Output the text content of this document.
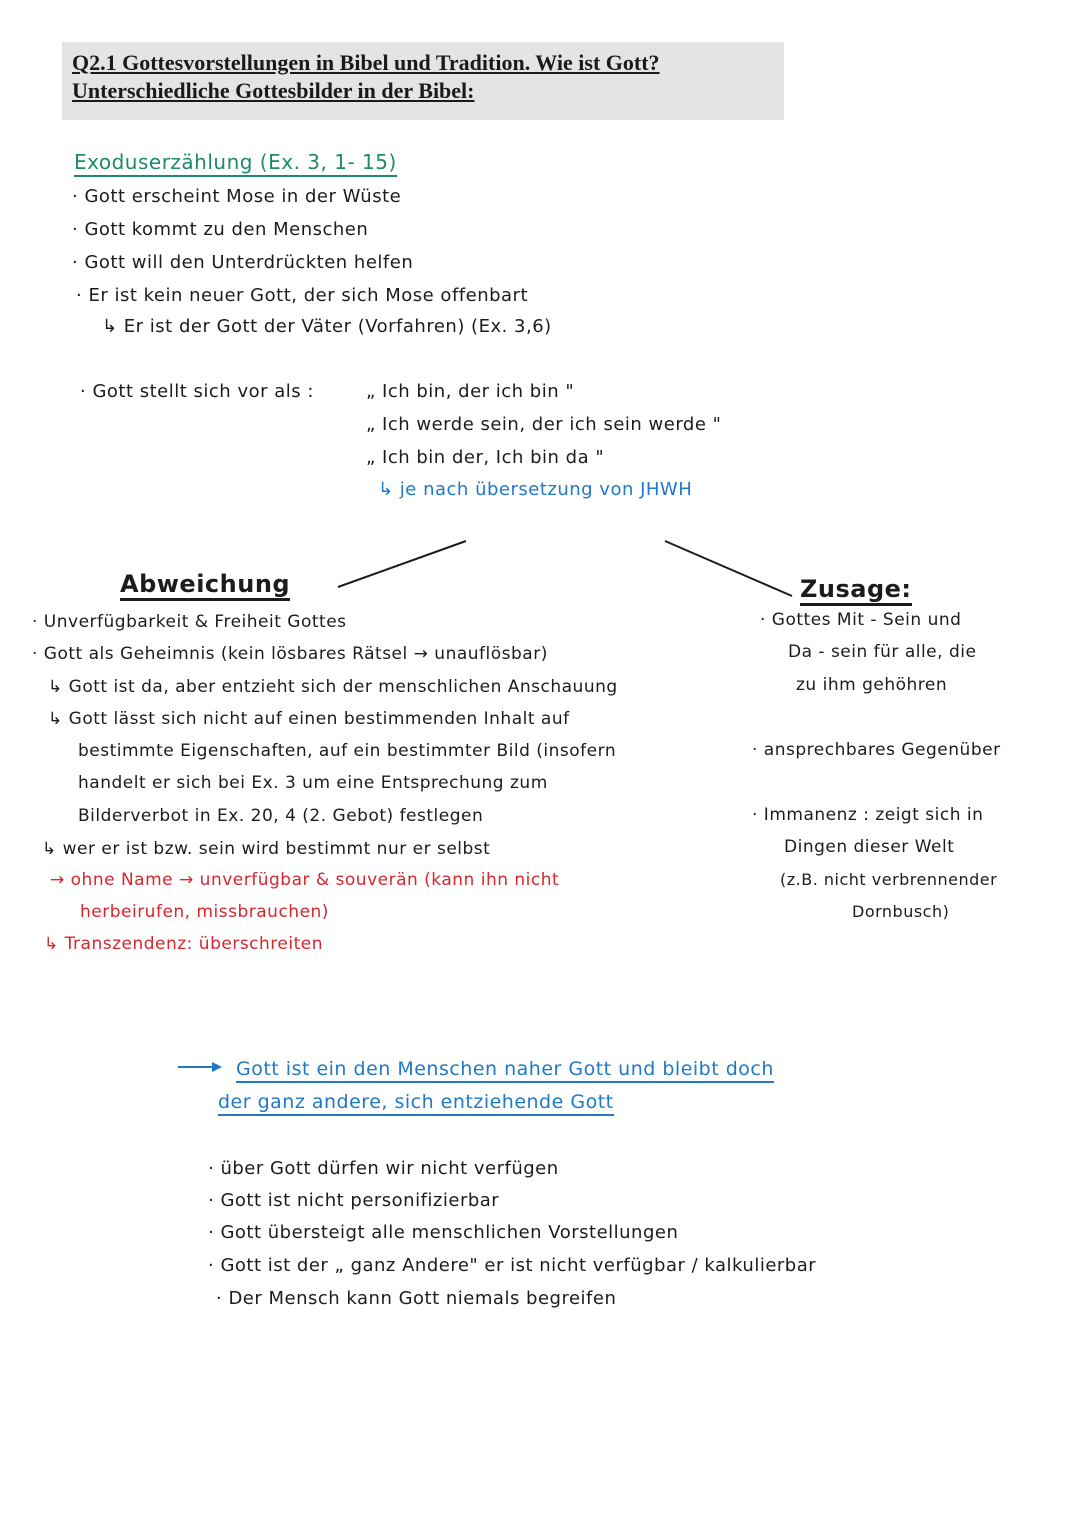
Q2.1 Gottesvorstellungen in Bibel und Tradition. Wie ist Gott?
Unterschiedliche Gottesbilder in der Bibel:
Exoduserzählung (Ex. 3, 1- 15)
· Gott erscheint Mose in der Wüste
· Gott kommt zu den Menschen
· Gott will den Unterdrückten helfen
· Er ist kein neuer Gott, der sich Mose offenbart
↳ Er ist der Gott der Väter (Vorfahren) (Ex. 3,6)
· Gott stellt sich vor als :	„ Ich bin, der ich bin "
„ Ich werde sein, der ich sein werde "
„ Ich bin der, Ich bin da "
↳ je nach übersetzung von JHWH
Abweichung
· Unverfügbarkeit & Freiheit Gottes
· Gott als Geheimnis (kein lösbares Rätsel → unauflösbar)
↳ Gott ist da, aber entzieht sich der menschlichen Anschauung
↳ Gott lässt sich nicht auf einen bestimmenden Inhalt auf
bestimmte Eigenschaften, auf ein bestimmter Bild (insofern
handelt er sich bei Ex. 3 um eine Entsprechung zum
Bilderverbot in Ex. 20, 4 (2. Gebot) festlegen
↳ wer er ist bzw. sein wird bestimmt nur er selbst
→ ohne Name → unverfügbar & souverän (kann ihn nicht
herbeirufen, missbrauchen)
↳ Transzendenz: überschreiten
Zusage:
· Gottes Mit - Sein und
Da - sein für alle, die
zu ihm gehöhren
· ansprechbares Gegenüber
· Immanenz : zeigt sich in
Dingen dieser Welt
(z.B. nicht verbrennender
Dornbusch)
Gott ist ein den Menschen naher Gott und bleibt doch
der ganz andere, sich entziehende Gott
· über Gott dürfen wir nicht verfügen
· Gott ist nicht personifizierbar
· Gott übersteigt alle menschlichen Vorstellungen
· Gott ist der „ ganz Andere" er ist nicht verfügbar / kalkulierbar
· Der Mensch kann Gott niemals begreifen
